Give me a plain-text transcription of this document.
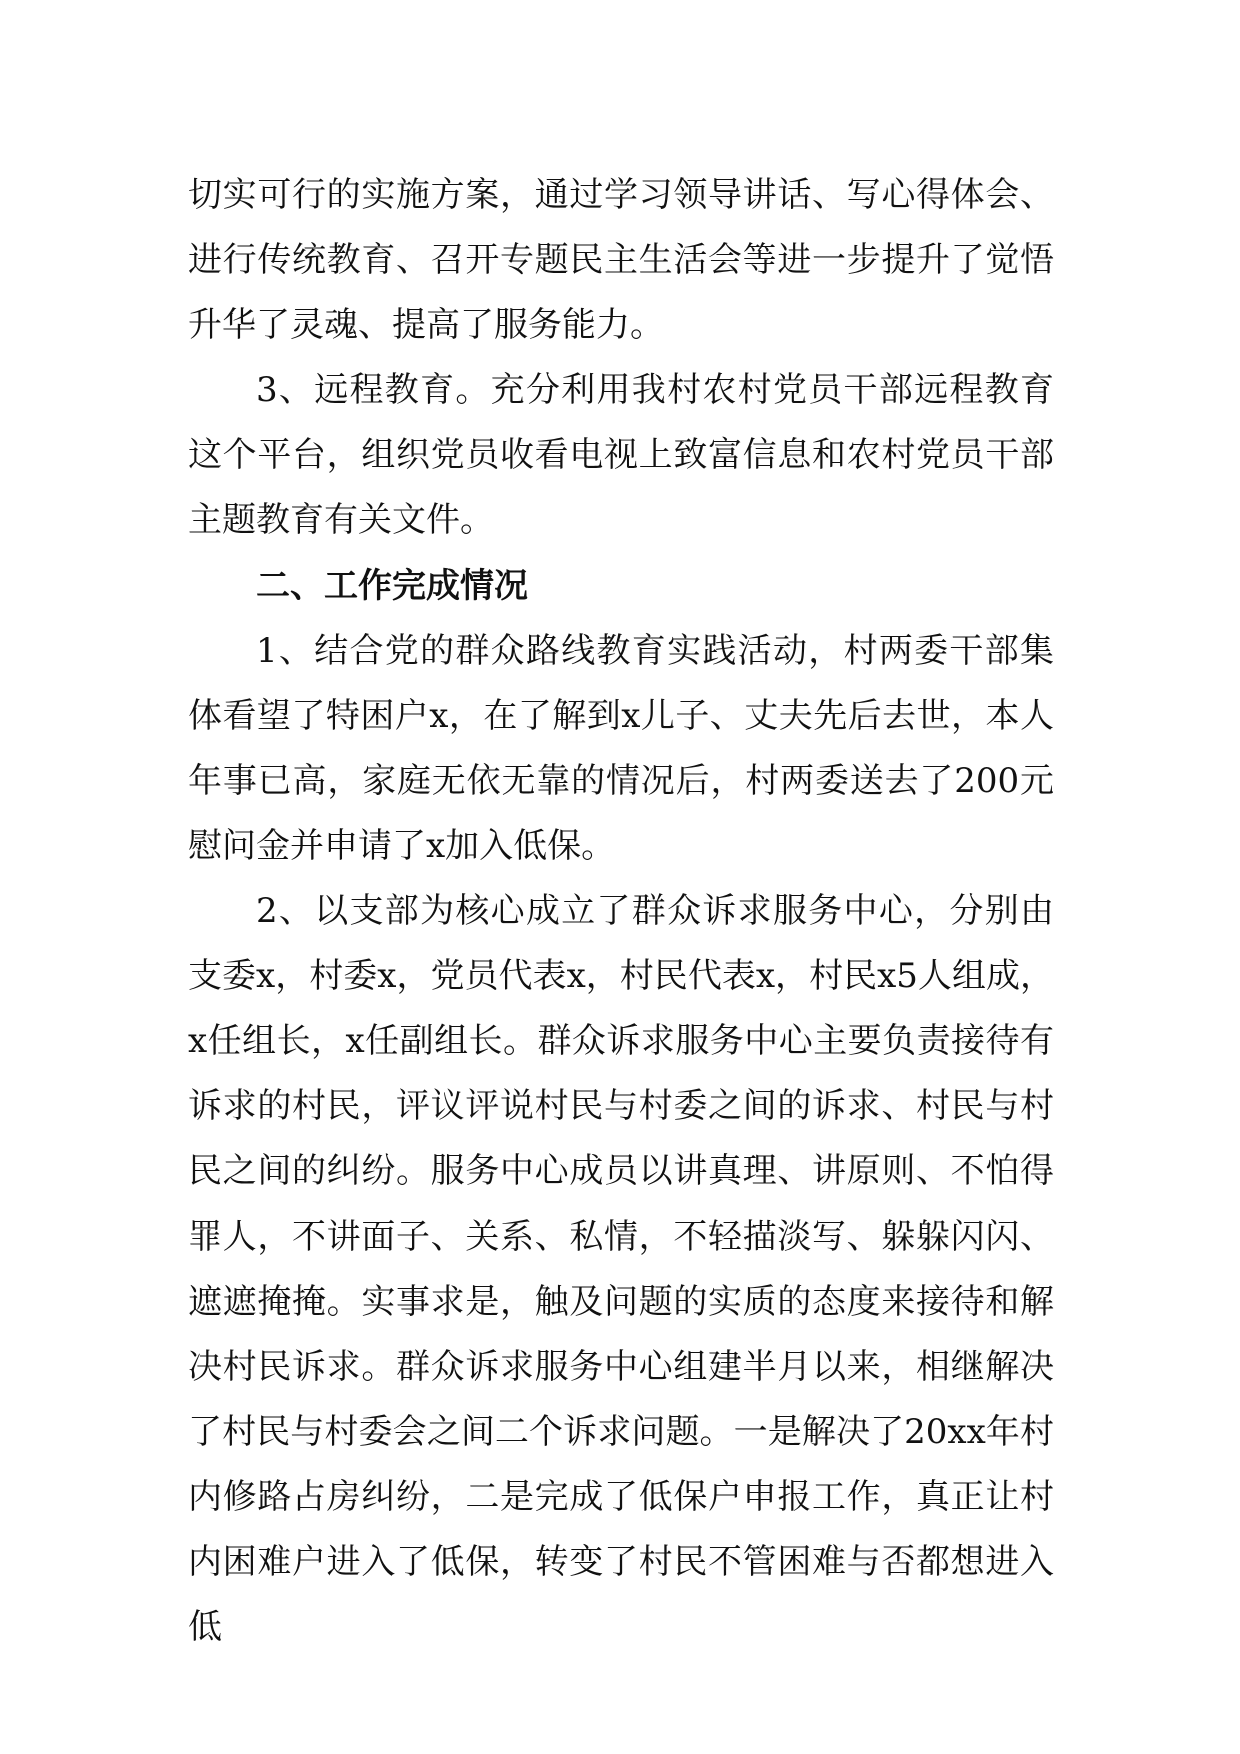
切实可行的实施方案，通过学习领导讲话、写心得体会、进行传统教育、召开专题民主生活会等进一步提升了觉悟升华了灵魂、提高了服务能力。

3、远程教育。充分利用我村农村党员干部远程教育这个平台，组织党员收看电视上致富信息和农村党员干部主题教育有关文件。

二、工作完成情况

1、结合党的群众路线教育实践活动，村两委干部集体看望了特困户x，在了解到x儿子、丈夫先后去世，本人年事已高，家庭无依无靠的情况后，村两委送去了200元慰问金并申请了x加入低保。

2、以支部为核心成立了群众诉求服务中心，分别由支委x，村委x，党员代表x，村民代表x，村民x5人组成，x任组长，x任副组长。群众诉求服务中心主要负责接待有诉求的村民，评议评说村民与村委之间的诉求、村民与村民之间的纠纷。服务中心成员以讲真理、讲原则、不怕得罪人，不讲面子、关系、私情，不轻描淡写、躲躲闪闪、遮遮掩掩。实事求是，触及问题的实质的态度来接待和解决村民诉求。群众诉求服务中心组建半月以来，相继解决了村民与村委会之间二个诉求问题。一是解决了20xx年村内修路占房纠纷，二是完成了低保户申报工作，真正让村内困难户进入了低保，转变了村民不管困难与否都想进入低
